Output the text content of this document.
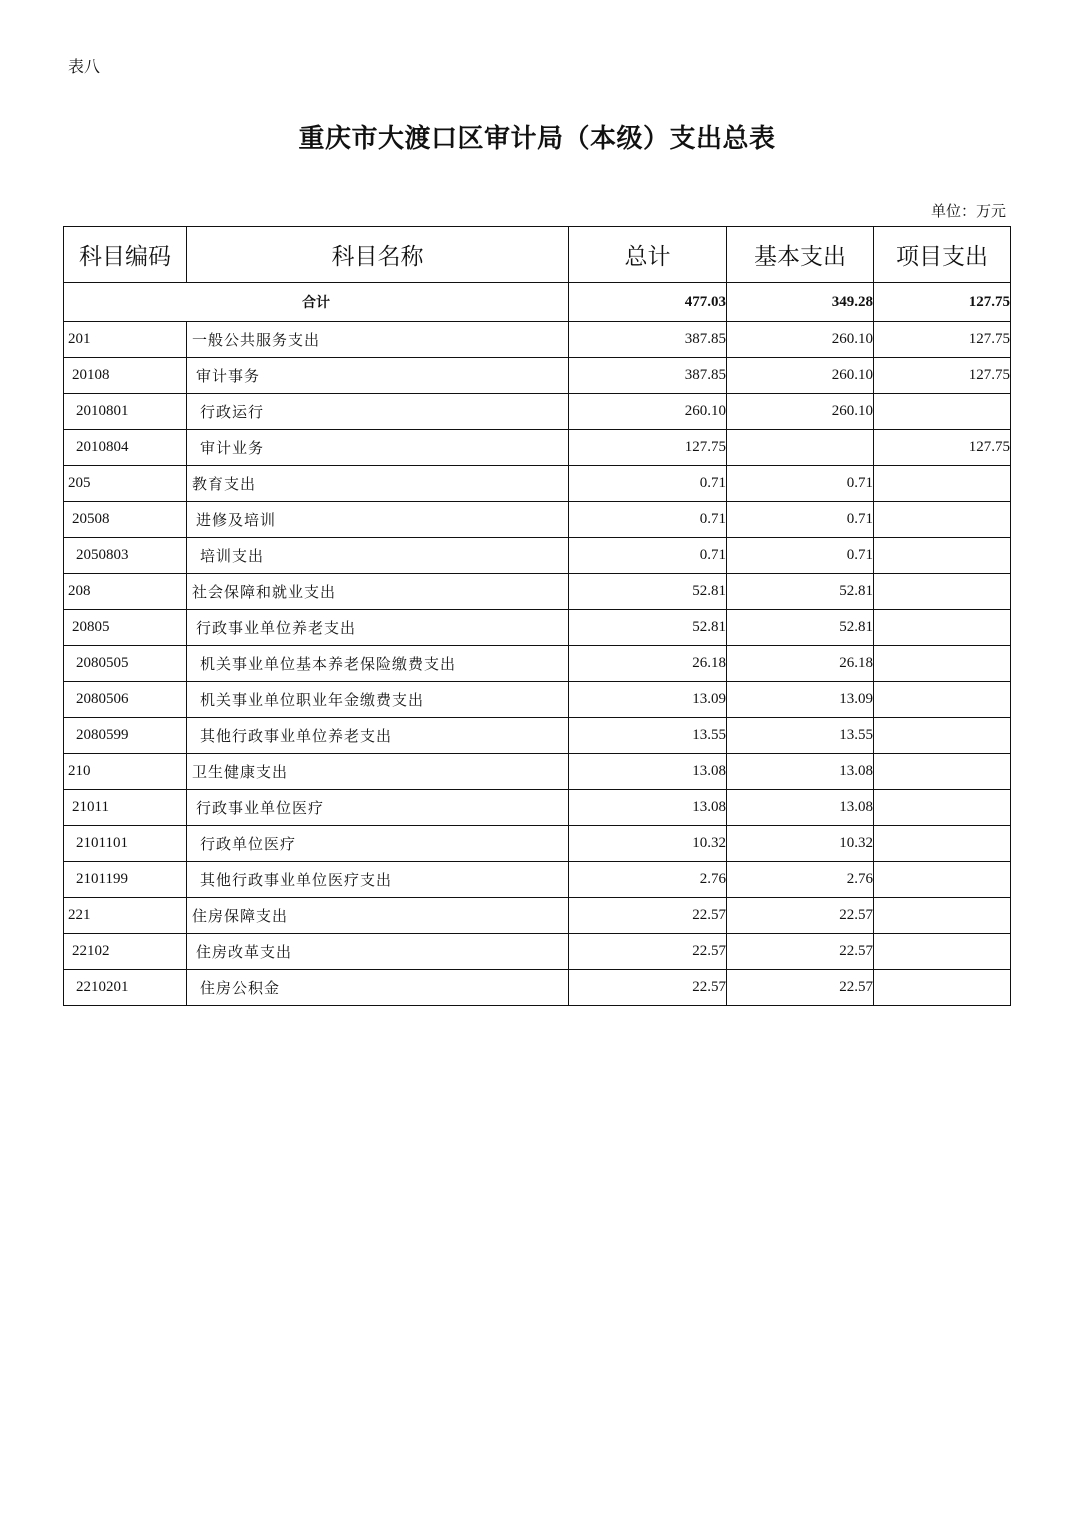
表八
重庆市大渡口区审计局（本级）支出总表
单位：万元
科目编码	科目名称	总计	基本支出	项目支出
合计		477.03	349.28	127.75
201	一般公共服务支出	387.85	260.10	127.75
20108	审计事务	387.85	260.10	127.75
2010801	行政运行	260.10	260.10	
2010804	审计业务	127.75		127.75
205	教育支出	0.71	0.71	
20508	进修及培训	0.71	0.71	
2050803	培训支出	0.71	0.71	
208	社会保障和就业支出	52.81	52.81	
20805	行政事业单位养老支出	52.81	52.81	
2080505	机关事业单位基本养老保险缴费支出	26.18	26.18	
2080506	机关事业单位职业年金缴费支出	13.09	13.09	
2080599	其他行政事业单位养老支出	13.55	13.55	
210	卫生健康支出	13.08	13.08	
21011	行政事业单位医疗	13.08	13.08	
2101101	行政单位医疗	10.32	10.32	
2101199	其他行政事业单位医疗支出	2.76	2.76	
221	住房保障支出	22.57	22.57	
22102	住房改革支出	22.57	22.57	
2210201	住房公积金	22.57	22.57	
